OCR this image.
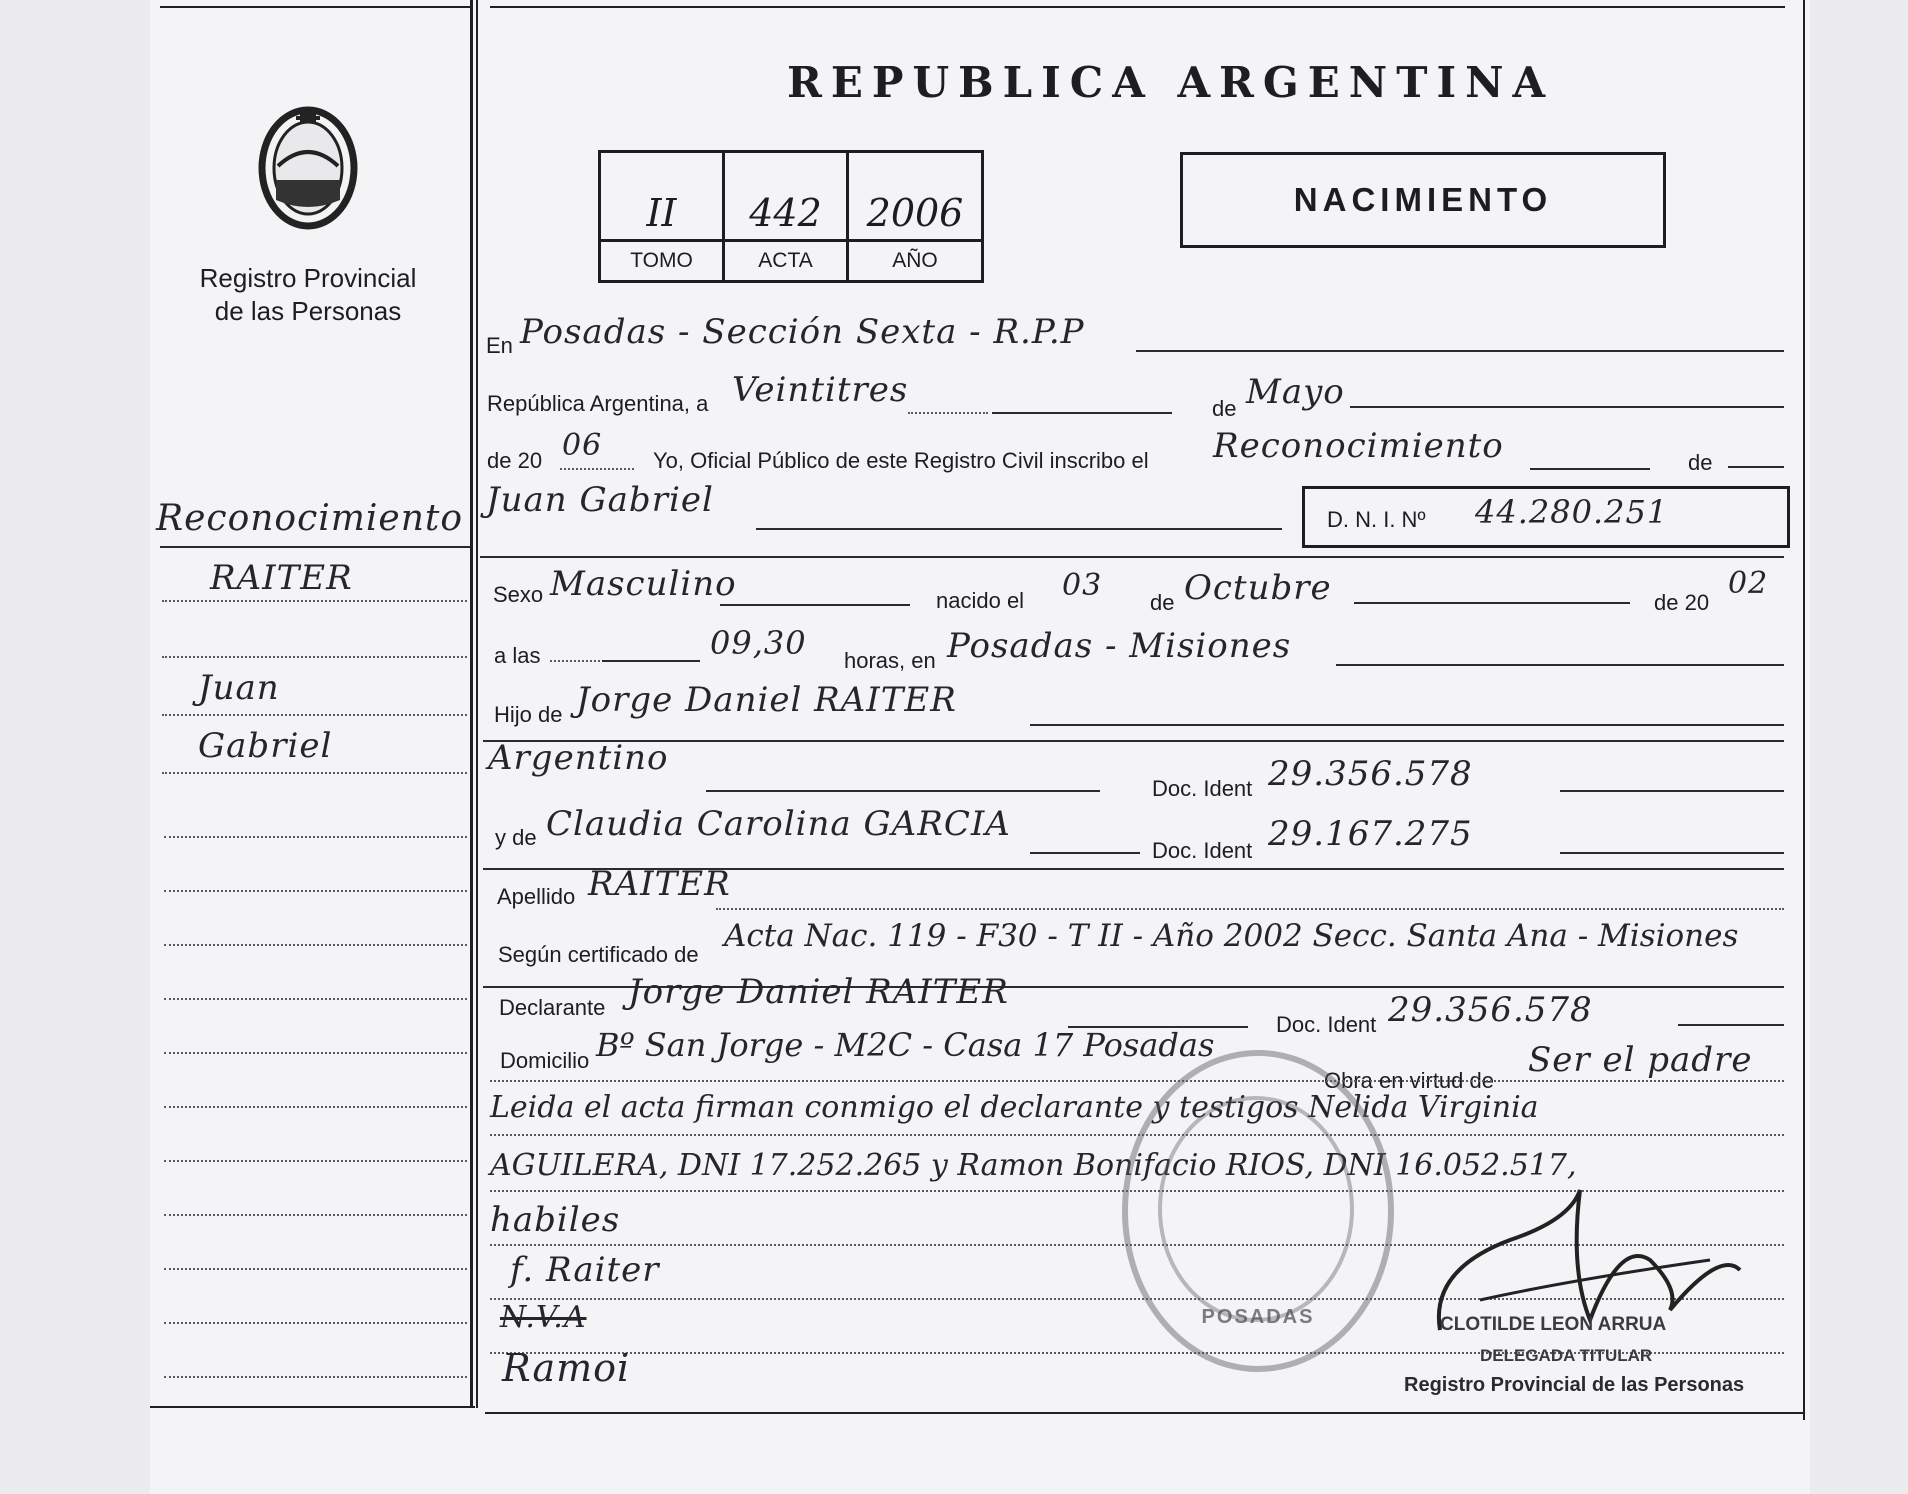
Registro Provincial
de las Personas
REPUBLICA ARGENTINA
II
TOMO
442
ACTA
2006
AÑO
NACIMIENTO
Reconocimiento
RAITER
Juan
Gabriel
En Posadas - Sección Sexta - R.P.P
República Argentina, a Veintitres	de Mayo
de 20 06 Yo, Oficial Público de este Registro Civil inscribo el Reconocimiento	de
Juan Gabriel	D. N. I. Nº 44.280.251
Sexo Masculino	nacido el 03 de Octubre	de 20
02
a las	09,30 horas, en Posadas - Misiones
Hijo de Jorge Daniel RAITER
Argentino
Doc. Ident 29.356.578
y de Claudia Carolina GARCIA
Doc. Ident 29.167.275
Apellido RAITER
Según certificado de
Acta Nac. 119 - F30 - T II - Año 2002 Secc. Santa Ana - Misiones
Declarante Jorge Daniel RAITER
Doc. Ident 29.356.578
Domicilio Bº San Jorge - M2C - Casa 17 Posadas
Obra en virtud de
Ser el padre
Leida el acta firman conmigo el declarante y testigos Nelida Virginia
AGUILERA, DNI 17.252.265 y Ramon Bonifacio RIOS, DNI 16.052.517,
habiles
f. Raiter
N.V.A
Ramoi
POSADAS	CLOTILDE LEON ARRUA
DELEGADA TITULAR
Registro Provincial de las Personas
